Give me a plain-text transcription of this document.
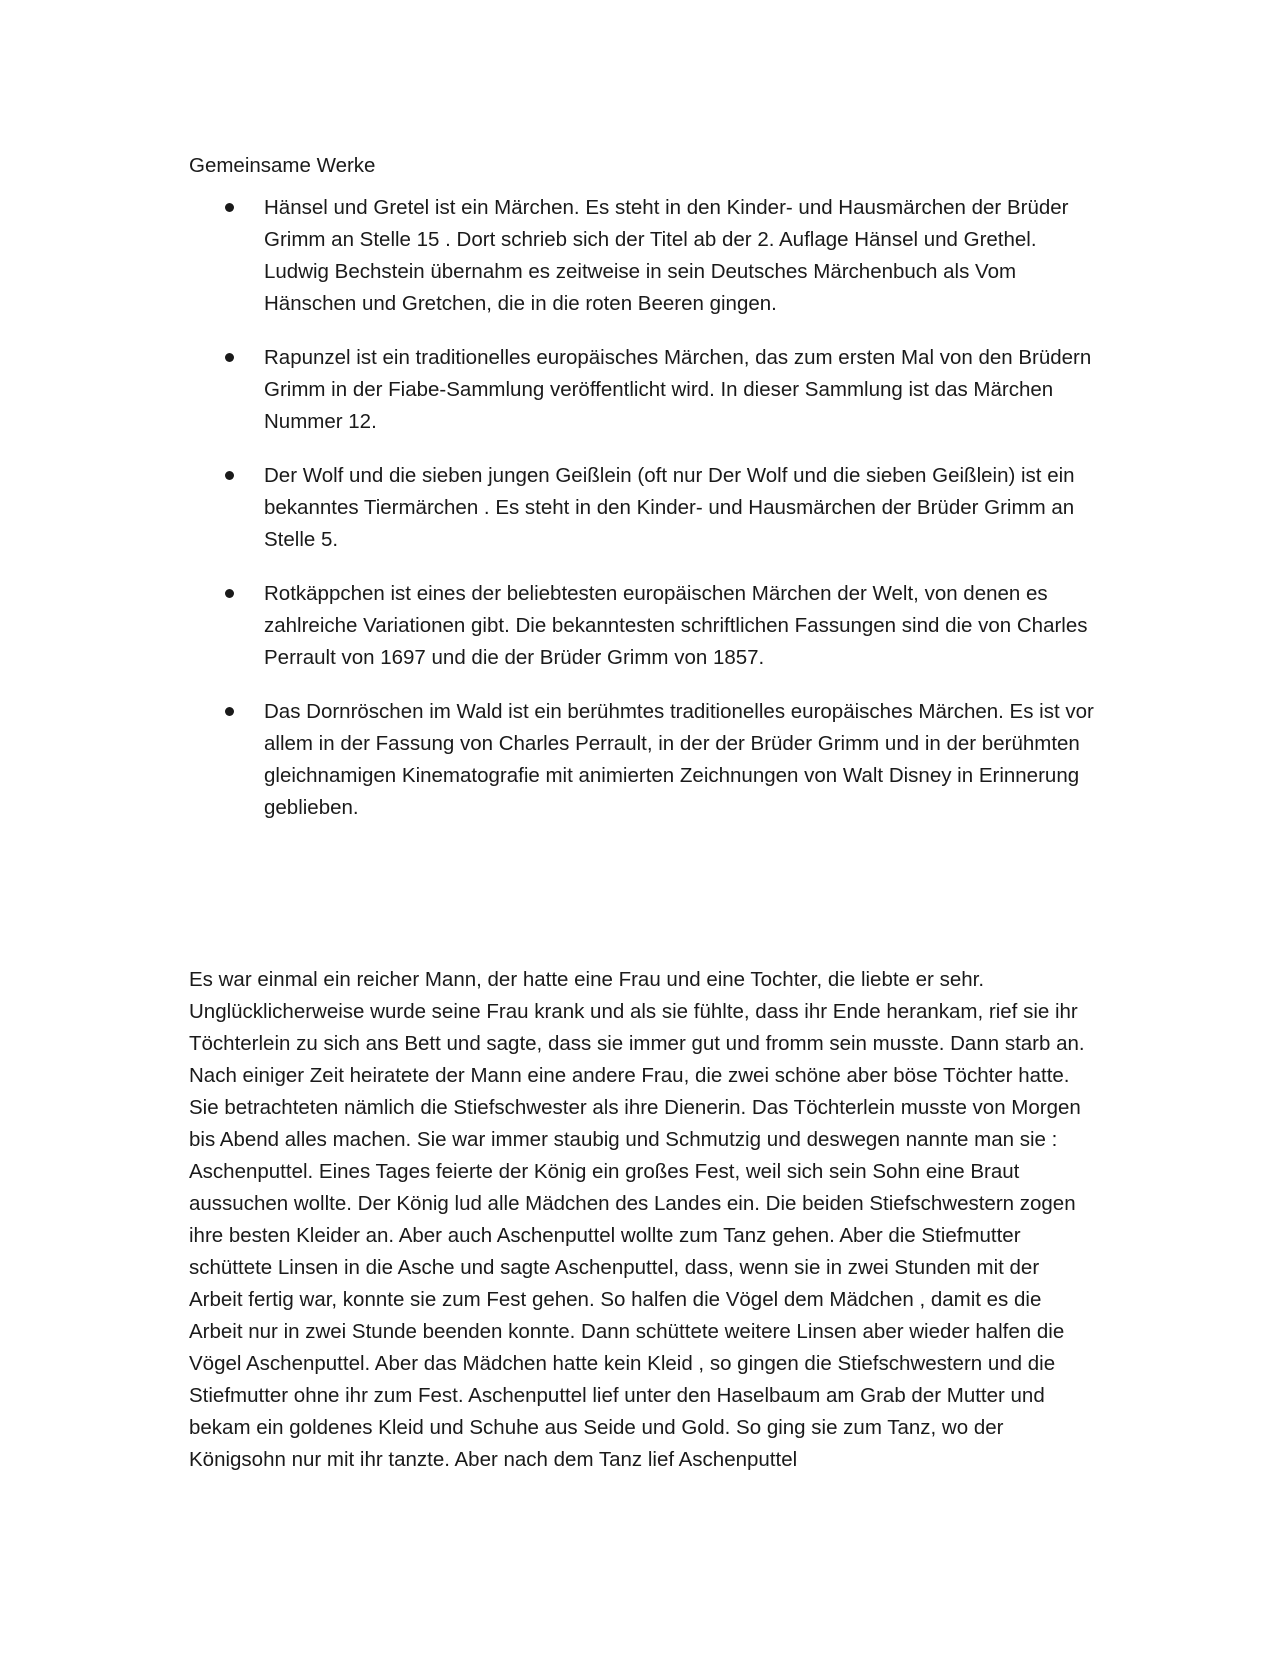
Gemeinsame Werke
Hänsel und Gretel ist ein Märchen. Es steht in den Kinder- und Hausmärchen der Brüder Grimm an Stelle 15 . Dort schrieb sich der Titel ab der 2. Auflage Hänsel und Grethel. Ludwig Bechstein übernahm es zeitweise in sein Deutsches Märchenbuch als Vom Hänschen und Gretchen, die in die roten Beeren gingen.
Rapunzel ist ein traditionelles europäisches Märchen, das zum ersten Mal von den Brüdern Grimm in der Fiabe-Sammlung veröffentlicht wird. In dieser Sammlung ist das Märchen Nummer 12.
Der Wolf und die sieben jungen Geißlein (oft nur Der Wolf und die sieben Geißlein) ist ein bekanntes Tiermärchen . Es steht in den Kinder- und Hausmärchen der Brüder Grimm an Stelle 5.
Rotkäppchen ist eines der beliebtesten europäischen Märchen der Welt, von denen es zahlreiche Variationen gibt. Die bekanntesten schriftlichen Fassungen sind die von Charles Perrault von 1697 und die der Brüder Grimm von 1857.
Das Dornröschen im Wald ist ein berühmtes traditionelles europäisches Märchen. Es ist vor allem in der Fassung von Charles Perrault, in der der Brüder Grimm und in der berühmten gleichnamigen Kinematografie mit animierten Zeichnungen von Walt Disney in Erinnerung geblieben.

Es war einmal ein reicher Mann, der hatte eine Frau und eine Tochter, die liebte er sehr. Unglücklicherweise wurde seine Frau krank und als sie fühlte, dass ihr Ende herankam, rief sie ihr Töchterlein zu sich ans Bett und sagte, dass sie immer gut und fromm sein musste. Dann starb an. Nach einiger Zeit heiratete der Mann eine andere Frau, die zwei schöne aber böse Töchter hatte. Sie betrachteten nämlich die Stiefschwester als ihre Dienerin. Das Töchterlein musste von Morgen bis Abend alles machen. Sie war immer staubig und Schmutzig und deswegen nannte man sie : Aschenputtel. Eines Tages feierte der König ein großes Fest, weil sich sein Sohn eine Braut aussuchen wollte. Der König lud alle Mädchen des Landes ein. Die beiden Stiefschwestern zogen ihre besten Kleider an. Aber auch Aschenputtel wollte zum Tanz gehen. Aber die Stiefmutter schüttete Linsen in die Asche und sagte Aschenputtel, dass, wenn sie in zwei Stunden mit der Arbeit fertig war, konnte sie zum Fest gehen. So halfen die Vögel dem Mädchen , damit es die Arbeit nur in zwei Stunde beenden konnte. Dann schüttete weitere Linsen aber wieder halfen die Vögel Aschenputtel. Aber das Mädchen hatte kein Kleid , so gingen die Stiefschwestern und die Stiefmutter ohne ihr zum Fest. Aschenputtel lief unter den Haselbaum am Grab der Mutter und bekam ein goldenes Kleid und Schuhe aus Seide und Gold. So ging sie zum Tanz, wo der Königsohn nur mit ihr tanzte. Aber nach dem Tanz lief Aschenputtel
